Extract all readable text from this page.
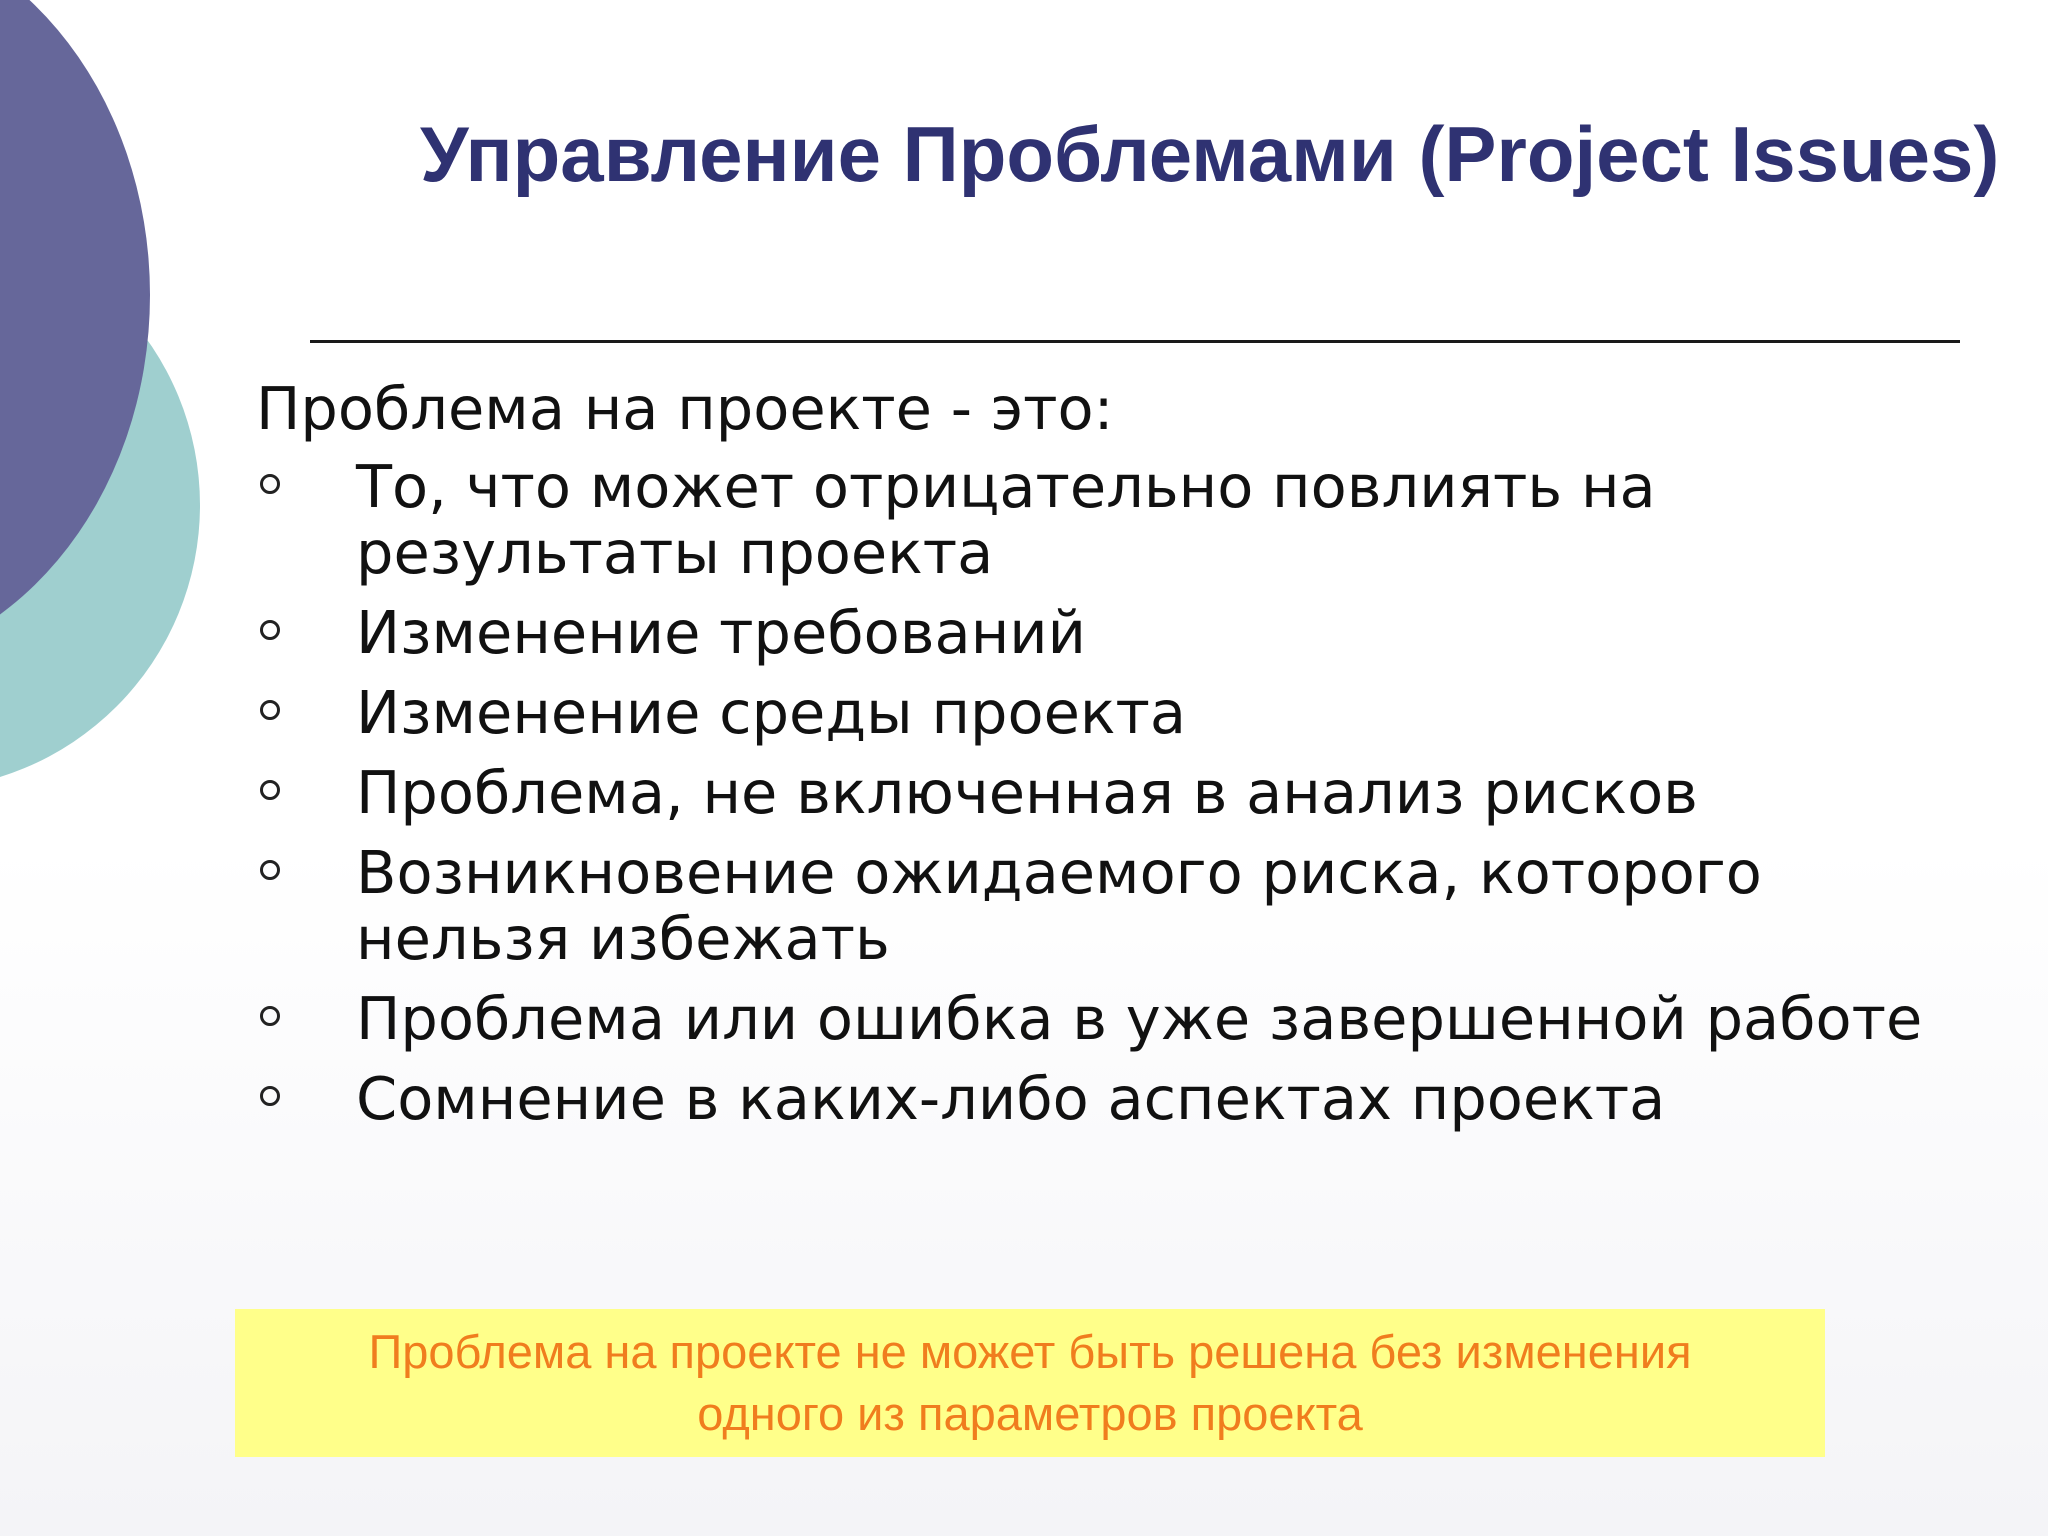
Управление Проблемами (Project Issues)

Проблема на проекте - это:

То, что может отрицательно повлиять на результаты проекта
Изменение требований
Изменение среды проекта
Проблема, не включенная в анализ рисков
Возникновение ожидаемого риска, которого нельзя избежать
Проблема или ошибка в уже завершенной работе
Сомнение в каких-либо аспектах проекта
Проблема на проекте не может быть решена без изменения
одного из параметров проекта
